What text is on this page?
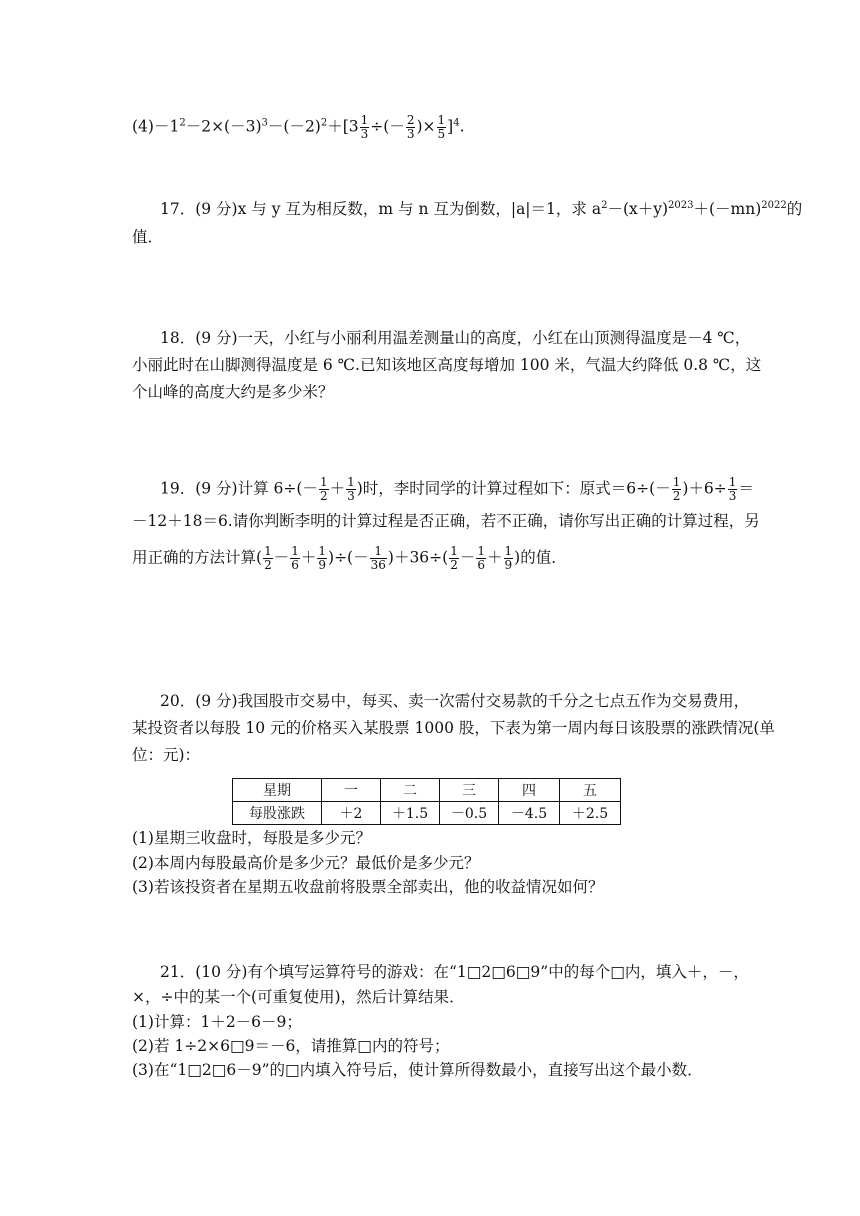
$(4)-1^2-2\times(-3)^3-(-2)^2+[3 \frac{1}{3}$ ÷(－ $\frac{2}{3}$ )× $\frac{1}{5} ]^4$.
17．(9 分)x 与 y 互为相反数，m 与 n 互为倒数，|a|＝1，求 $a^2-(x+y)^{2023}+(-mn)^{2022}$的
值．
18．(9 分)一天，小红与小丽利用温差测量山的高度，小红在山顶测得温度是－4 ℃，
小丽此时在山脚测得温度是 6 ℃.已知该地区高度每增加 100 米，气温大约降低 0.8 ℃，这
个山峰的高度大约是多少米？
19．(9 分)计算 $6\div(- \frac{1}{2} + \frac{1}{3}$ )时，李时同学的计算过程如下：原式$=6\div(- \frac{1}{2} )+6\div \frac{1}{3}$ ＝
－12＋18＝6.请你判断李明的计算过程是否正确，若不正确，请你写出正确的计算过程，另
用正确的方法计算( $\frac{1}{2} - \frac{1}{6} + \frac{1}{9}$ )÷(－ $\frac{1}{36} )+36\div( \frac{1}{2} - \frac{1}{6} + \frac{1}{9}$ )的值．
20．(9 分)我国股市交易中，每买、卖一次需付交易款的千分之七点五作为交易费用，
某投资者以每股 10 元的价格买入某股票 1000 股，下表为第一周内每日该股票的涨跌情况(单
位：元)：
星期	一	二	三	四	五
每股涨跌	＋2	＋1.5	－0.5	－4.5	＋2.5
(1)星期三收盘时，每股是多少元？
(2)本周内每股最高价是多少元？最低价是多少元？
(3)若该投资者在星期五收盘前将股票全部卖出，他的收益情况如何？
21．(10 分)有个填写运算符号的游戏：在“1□2□6□9”中的每个□内，填入＋，－，
×，÷中的某一个(可重复使用)，然后计算结果．
(1)计算：1＋2－6－9；
(2)若 1÷2×6□9＝－6，请推算□内的符号；
(3)在“1□2□6－9”的□内填入符号后，使计算所得数最小，直接写出这个最小数．
